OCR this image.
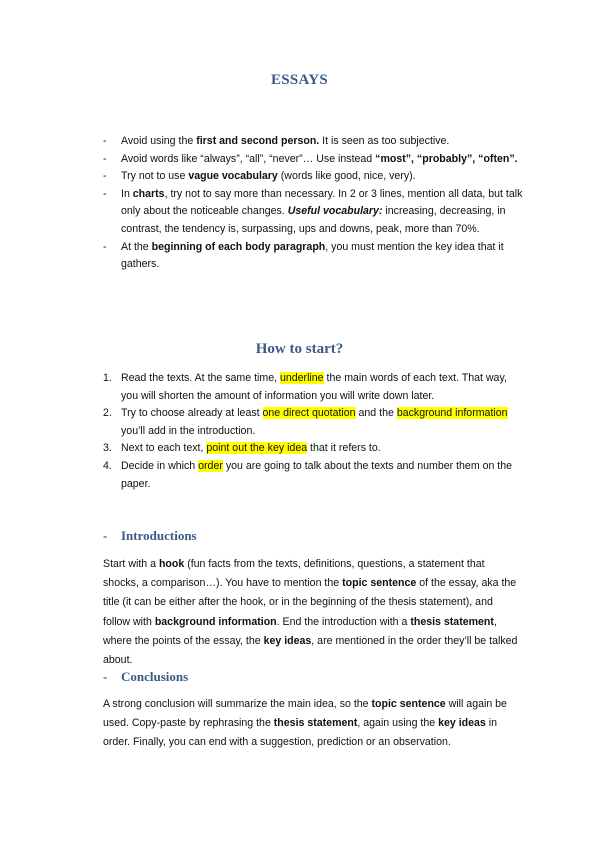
ESSAYS
- Avoid using the first and second person. It is seen as too subjective.
- Avoid words like “always”, “all”, “never”… Use instead “most”, “probably”, “often”.
- Try not to use vague vocabulary (words like good, nice, very).
- In charts, try not to say more than necessary. In 2 or 3 lines, mention all data, but talk only about the noticeable changes. Useful vocabulary: increasing, decreasing, in contrast, the tendency is, surpassing, ups and downs, peak, more than 70%.
- At the beginning of each body paragraph, you must mention the key idea that it gathers.
How to start?
1. Read the texts. At the same time, underline the main words of each text. That way, you will shorten the amount of information you will write down later.
2. Try to choose already at least one direct quotation and the background information you’ll add in the introduction.
3. Next to each text, point out the key idea that it refers to.
4. Decide in which order you are going to talk about the texts and number them on the paper.
- Introductions

Start with a hook (fun facts from the texts, definitions, questions, a statement that shocks, a comparison…). You have to mention the topic sentence of the essay, aka the title (it can be either after the hook, or in the beginning of the thesis statement), and follow with background information. End the introduction with a thesis statement, where the points of the essay, the key ideas, are mentioned in the order they’ll be talked about.

- Conclusions

A strong conclusion will summarize the main idea, so the topic sentence will again be used. Copy-paste by rephrasing the thesis statement, again using the key ideas in order. Finally, you can end with a suggestion, prediction or an observation.
